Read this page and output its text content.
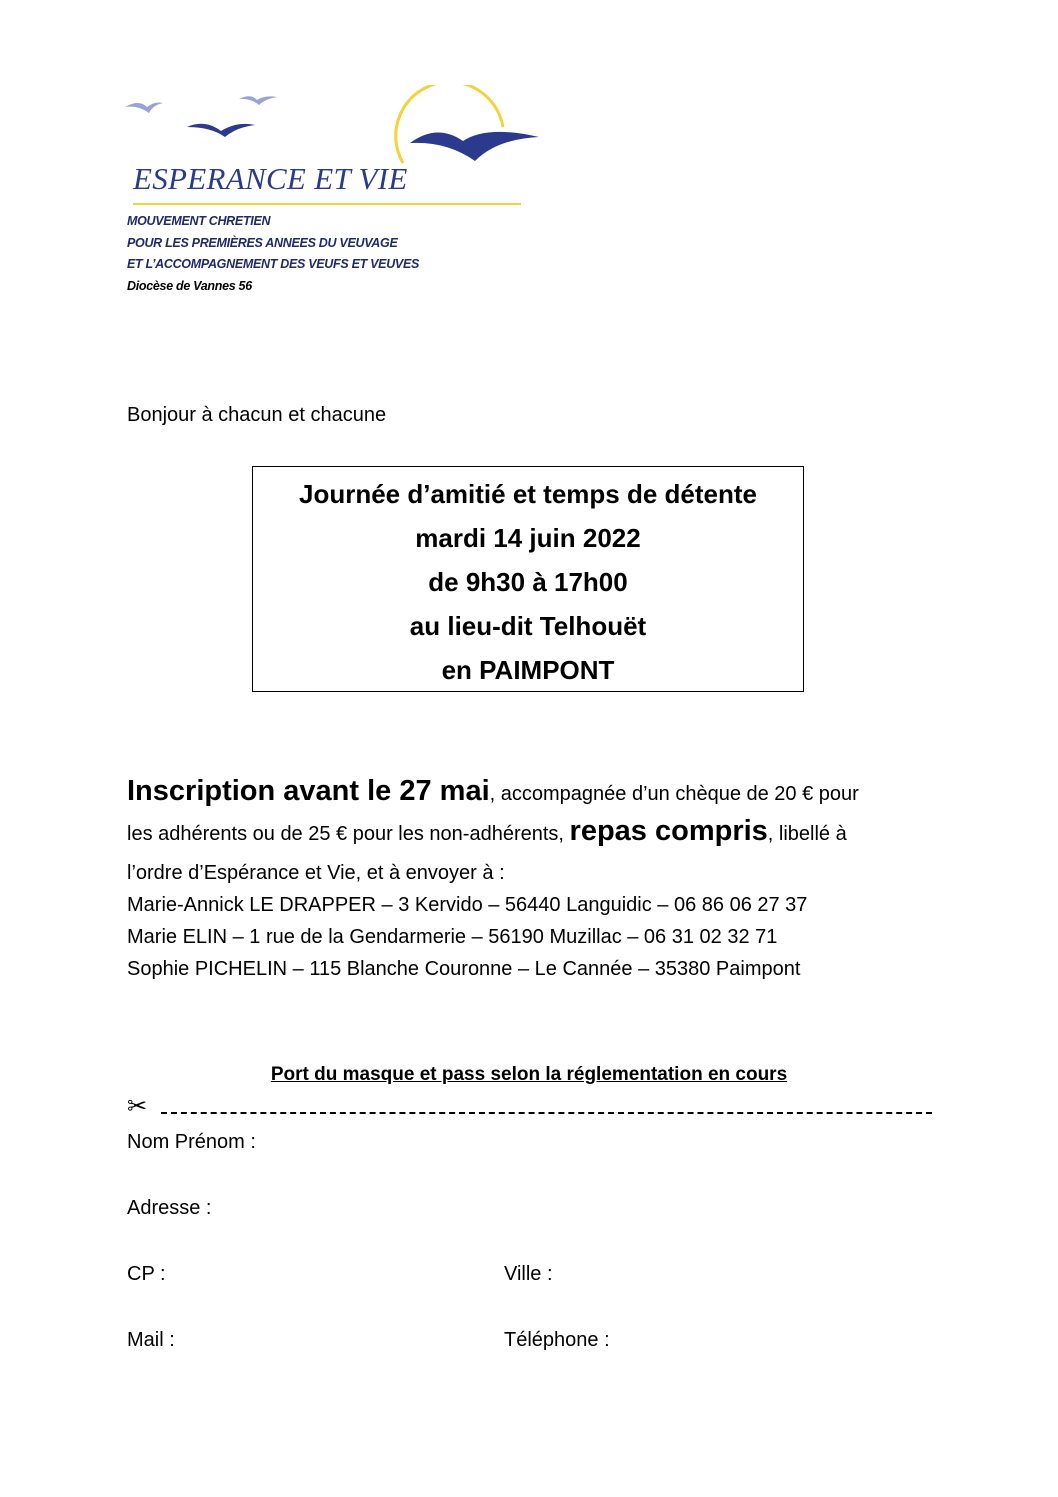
ESPERANCE ET VIE
MOUVEMENT CHRETIEN
POUR LES PREMIÈRES ANNEES DU VEUVAGE
ET L’ACCOMPAGNEMENT DES VEUFS ET VEUVES
Diocèse de Vannes 56
Bonjour à chacun et chacune
Journée d’amitié et temps de détente
mardi 14 juin 2022
de 9h30 à 17h00
au lieu-dit Telhouët
en PAIMPONT
Inscription avant le 27 mai, accompagnée d’un chèque de 20 € pour
les adhérents ou de 25 € pour les non-adhérents, repas compris, libellé à
l’ordre d’Espérance et Vie, et à envoyer à :
Marie-Annick LE DRAPPER – 3 Kervido – 56440 Languidic – 06 86 06 27 37
Marie ELIN – 1 rue de la Gendarmerie – 56190 Muzillac – 06 31 02 32 71
Sophie PICHELIN – 115 Blanche Couronne – Le Cannée – 35380 Paimpont
Port du masque et pass selon la réglementation en cours
✂
Nom Prénom :
Adresse :
CP :	Ville :
Mail :	Téléphone :
